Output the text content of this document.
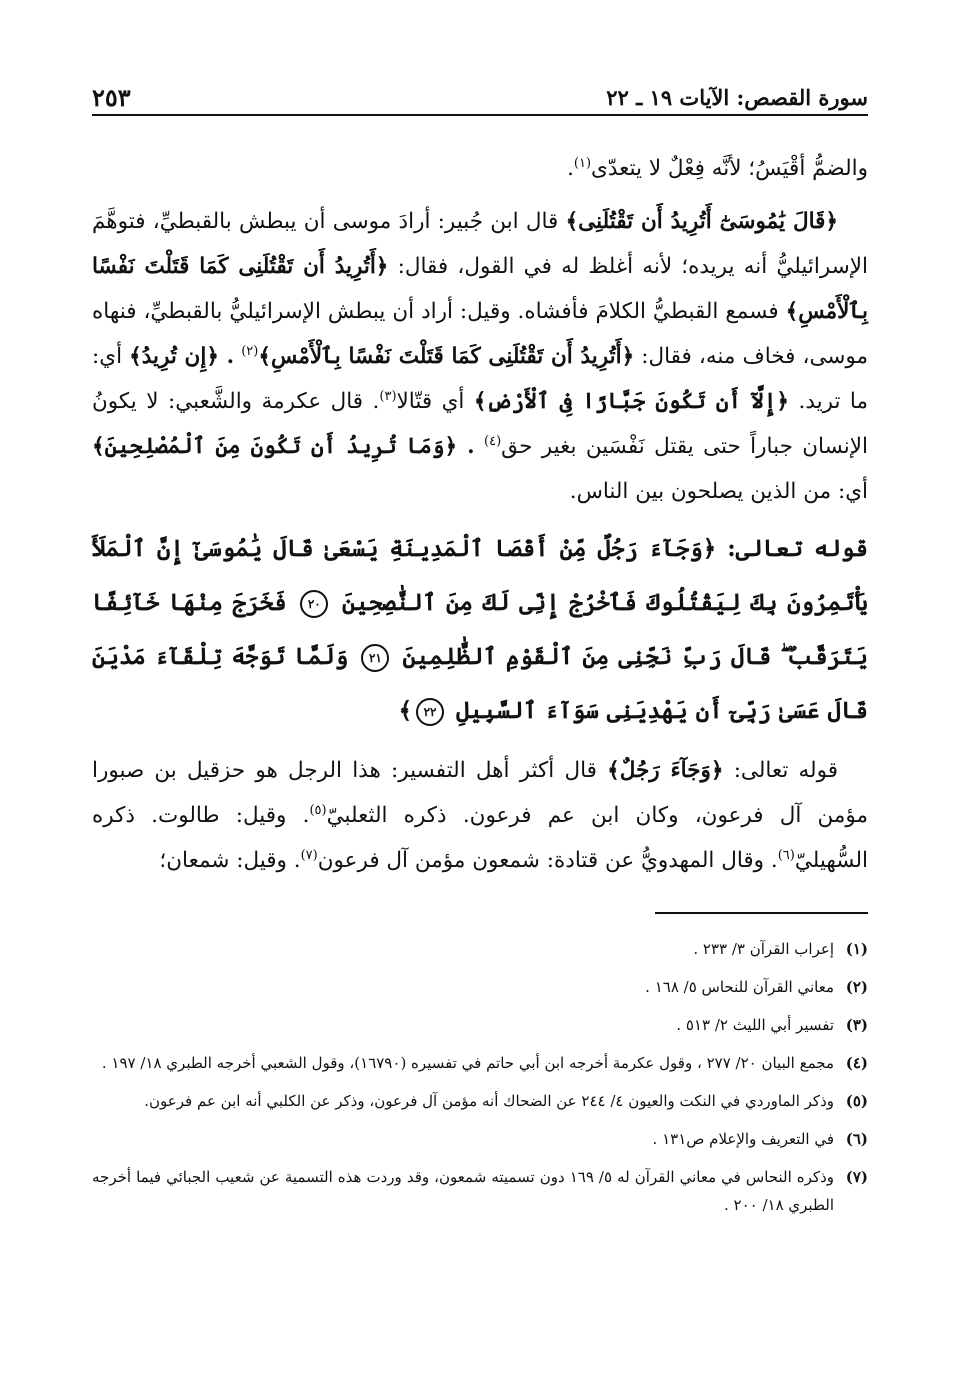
سورة القصص: الآيات ١٩ ـ ٢٢
٢٥٣

والضمُّ أقْيَسُ؛ لأنَّه فِعْلٌ لا يتعدّى$^{(١)}$.

﴿قَالَ يَٰمُوسَىٰٓ أَتُرِيدُ أَن تَقْتُلَنِى﴾ قال ابن جُبير: أرادَ موسى أن يبطش بالقبطيِّ، فتوهَّمَ الإسرائيليُّ أنه يريده؛ لأنه أغلظ له في القول، فقال: ﴿أَتُرِيدُ أَن تَقْتُلَنِى كَمَا قَتَلْتَ نَفْسًا بِٱلْأَمْسِ﴾ فسمع القبطيُّ الكلامَ فأفشاه. وقيل: أراد أن يبطش الإسرائيليُّ بالقبطيِّ، فنهاه موسى، فخاف منه، فقال: ﴿أَتُرِيدُ أَن تَقْتُلَنِى كَمَا قَتَلْتَ نَفْسًا بِٱلْأَمْسِ﴾$^{(٢)}$ . ﴿إِن تُرِيدُ﴾ أي: ما تريد. ﴿إِلَّآ أَن تَكُونَ جَبَّارًا فِى ٱلْأَرْضِ﴾ أي قتّالا$^{(٣)}$. قال عكرمة والشَّعبي: لا يكونُ الإنسان جباراً حتى يقتل نَفْسَين بغير حق$^{(٤)}$ . ﴿وَمَا تُرِيدُ أَن تَكُونَ مِنَ ٱلْمُصْلِحِينَ﴾ أي: من الذين يصلحون بين الناس.

قوله تعالى: ﴿وَجَآءَ رَجُلٌ مِّنْ أَقْصَا ٱلْمَدِينَةِ يَسْعَىٰ قَالَ يَٰمُوسَىٰٓ إِنَّ ٱلْمَلَأَ يَأْتَمِرُونَ بِكَ لِيَقْتُلُوكَ فَٱخْرُجْ إِنِّى لَكَ مِنَ ٱلنَّٰصِحِينَ ٢٠ فَخَرَجَ مِنْهَا خَآئِفًا يَتَرَقَّبُ ۖ قَالَ رَبِّ نَجِّنِى مِنَ ٱلْقَوْمِ ٱلظَّٰلِمِينَ ٢١ وَلَمَّا تَوَجَّهَ تِلْقَآءَ مَدْيَنَ قَالَ عَسَىٰ رَبِّىٓ أَن يَهْدِيَنِى سَوَآءَ ٱلسَّبِيلِ ٢٢﴾

قوله تعالى: ﴿وَجَآءَ رَجُلٌ﴾ قال أكثر أهل التفسير: هذا الرجل هو حزقيل بن صبورا مؤمن آل فرعون، وكان ابن عم فرعون. ذكره الثعلبيّ$^{(٥)}$. وقيل: طالوت. ذكره السُّهيليّ$^{(٦)}$. وقال المهدويُّ عن قتادة: شمعون مؤمن آل فرعون$^{(٧)}$. وقيل: شمعان؛

(١)
إعراب القرآن ٣/ ٢٣٣ .

(٢)
معاني القرآن للنحاس ٥/ ١٦٨ .

(٣)
تفسير أبي الليث ٢/ ٥١٣ .

(٤)
مجمع البيان ٢٠/ ٢٧٧ ، وقول عكرمة أخرجه ابن أبي حاتم في تفسيره (١٦٧٩٠)، وقول الشعبي أخرجه الطبري ١٨/ ١٩٧ .

(٥)
وذكر الماوردي في النكت والعيون ٤/ ٢٤٤ عن الضحاك أنه مؤمن آل فرعون، وذكر عن الكلبي أنه ابن عم فرعون.

(٦)
في التعريف والإعلام ص١٣١ .

(٧)
وذكره النحاس في معاني القرآن له ٥/ ١٦٩ دون تسميته شمعون، وقد وردت هذه التسمية عن شعيب الجبائي فيما أخرجه الطبري ١٨/ ٢٠٠ .
